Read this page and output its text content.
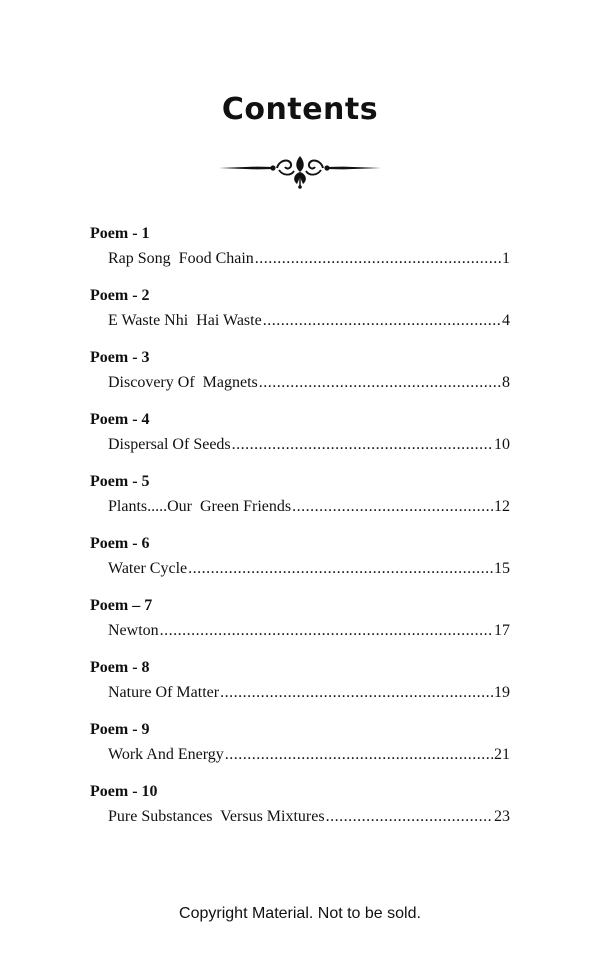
Contents
Poem - 1
Rap Song  Food Chain .....	1
Poem - 2
E Waste Nhi  Hai Waste .....	4
Poem - 3
Discovery Of  Magnets .....	8
Poem - 4
Dispersal Of Seeds .....	10
Poem - 5
Plants.....Our  Green Friends .....	12
Poem - 6
Water Cycle .....	15
Poem – 7
Newton .....	17
Poem - 8
Nature Of Matter .....	19
Poem - 9
Work And Energy .....	21
Poem - 10
Pure Substances  Versus Mixtures .....	23
Copyright Material. Not to be sold.
